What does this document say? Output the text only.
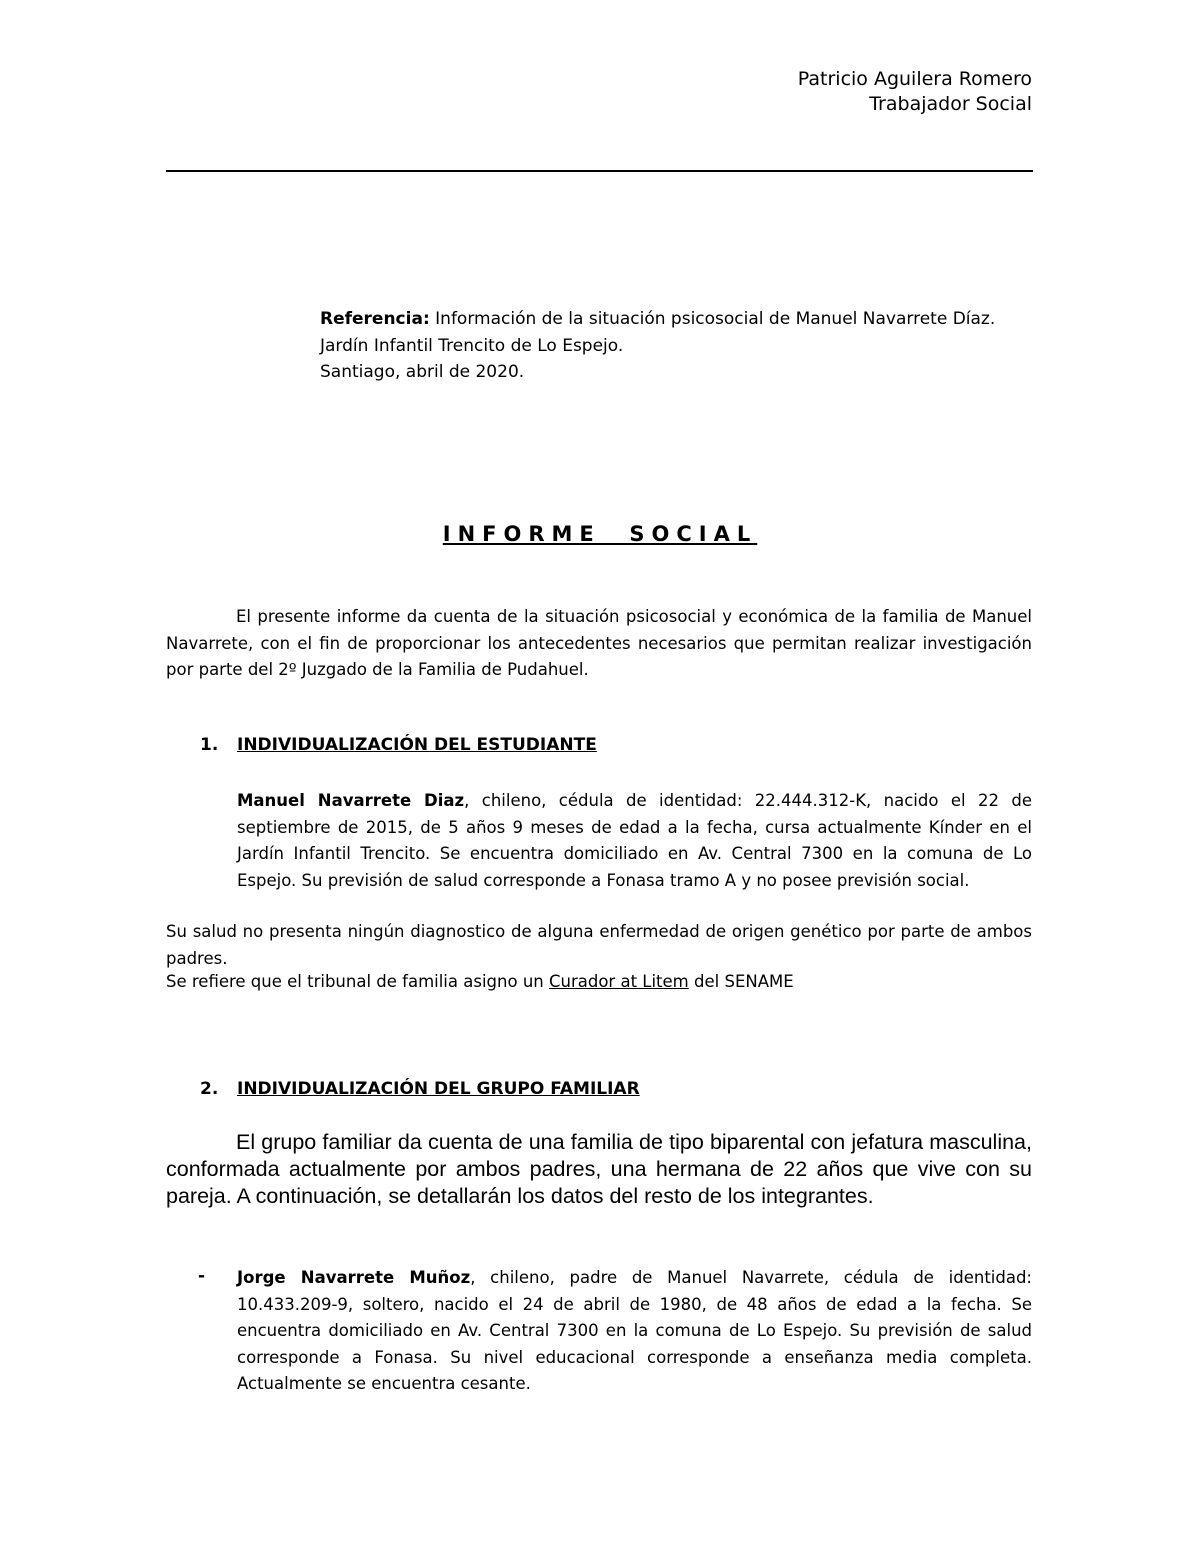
Patricio Aguilera Romero
Trabajador Social
Referencia: Información de la situación psicosocial de Manuel Navarrete Díaz.
Jardín Infantil Trencito de Lo Espejo.
Santiago, abril de 2020.
INFORME  SOCIAL
El presente informe da cuenta de la situación psicosocial y económica de la familia de Manuel Navarrete, con el fin de proporcionar los antecedentes necesarios que permitan realizar investigación por parte del 2º Juzgado de la Familia de Pudahuel.
1. INDIVIDUALIZACIÓN DEL ESTUDIANTE
Manuel Navarrete Diaz, chileno, cédula de identidad: 22.444.312-K, nacido el 22 de septiembre de 2015, de 5 años 9 meses de edad a la fecha, cursa actualmente Kínder en el Jardín Infantil Trencito. Se encuentra domiciliado en Av. Central 7300 en la comuna de Lo Espejo. Su previsión de salud corresponde a Fonasa tramo A y no posee previsión social.
Su salud no presenta ningún diagnostico de alguna enfermedad de origen genético por parte de ambos padres.
Se refiere que el tribunal de familia asigno un Curador at Litem del SENAME
2. INDIVIDUALIZACIÓN DEL GRUPO FAMILIAR
El grupo familiar da cuenta de una familia de tipo biparental con jefatura masculina, conformada actualmente por ambos padres, una hermana de 22 años que vive con su pareja. A continuación, se detallarán los datos del resto de los integrantes.
- Jorge Navarrete Muñoz, chileno, padre de Manuel Navarrete, cédula de identidad: 10.433.209-9, soltero, nacido el 24 de abril de 1980, de 48 años de edad a la fecha. Se encuentra domiciliado en Av. Central 7300 en la comuna de Lo Espejo. Su previsión de salud corresponde a Fonasa. Su nivel educacional corresponde a enseñanza media completa. Actualmente se encuentra cesante.
